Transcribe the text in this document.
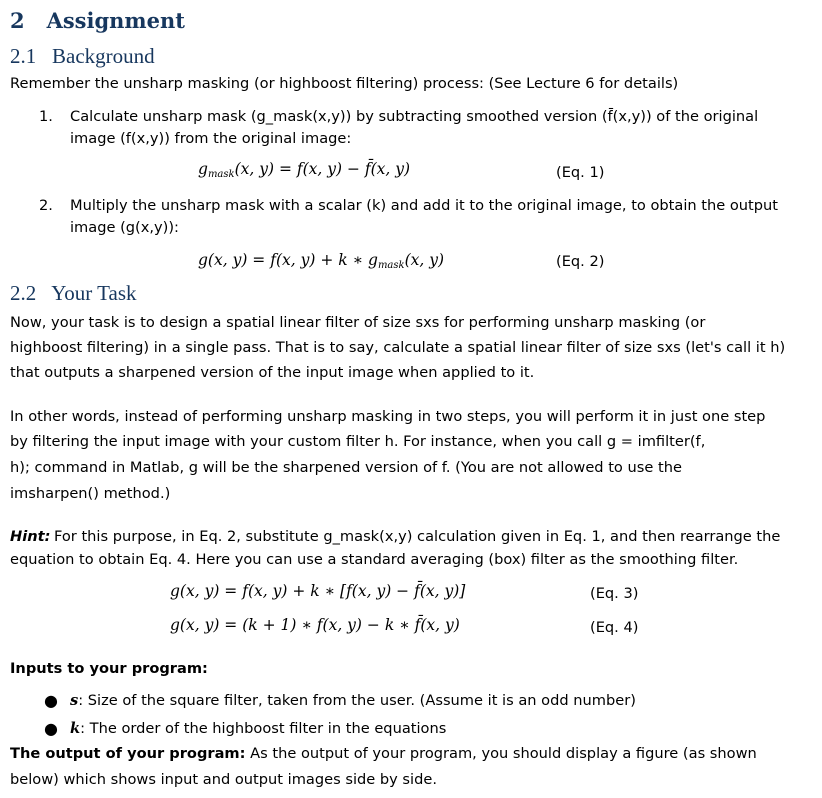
2 Assignment
2.1 Background
Remember the unsharp masking (or highboost filtering) process: (See Lecture 6 for details)
1. Calculate unsharp mask (g_mask(x,y)) by subtracting smoothed version (f̄(x,y)) of the original
image (f(x,y)) from the original image:
$g_{mask}(x$, y) = f(x, y) − f̄(x, y)	(Eq. 1)
2. Multiply the unsharp mask with a scalar (k) and add it to the original image, to obtain the output
image (g(x,y)):
g(x, y) = f(x, y) + k ∗ $g_{mask}(x$, y)	(Eq. 2)
2.2 Your Task
Now, your task is to design a spatial linear filter of size sxs for performing unsharp masking (or
highboost filtering) in a single pass. That is to say, calculate a spatial linear filter of size sxs (let's call it h)
that outputs a sharpened version of the input image when applied to it.
In other words, instead of performing unsharp masking in two steps, you will perform it in just one step
by filtering the input image with your custom filter h. For instance, when you call g = imfilter(f,
h); command in Matlab, g will be the sharpened version of f. (You are not allowed to use the
imsharpen() method.)
Hint: For this purpose, in Eq. 2, substitute g_mask(x,y) calculation given in Eq. 1, and then rearrange the
equation to obtain Eq. 4. Here you can use a standard averaging (box) filter as the smoothing filter.
g(x, y) = f(x, y) + k ∗ [f(x, y) − f̄(x, y)]	(Eq. 3)
g(x, y) = (k + 1) ∗ f(x, y) − k ∗ f̄(x, y)	(Eq. 4)
Inputs to your program:
● s: Size of the square filter, taken from the user. (Assume it is an odd number)
● k: The order of the highboost filter in the equations
The output of your program: As the output of your program, you should display a figure (as shown
below) which shows input and output images side by side.
